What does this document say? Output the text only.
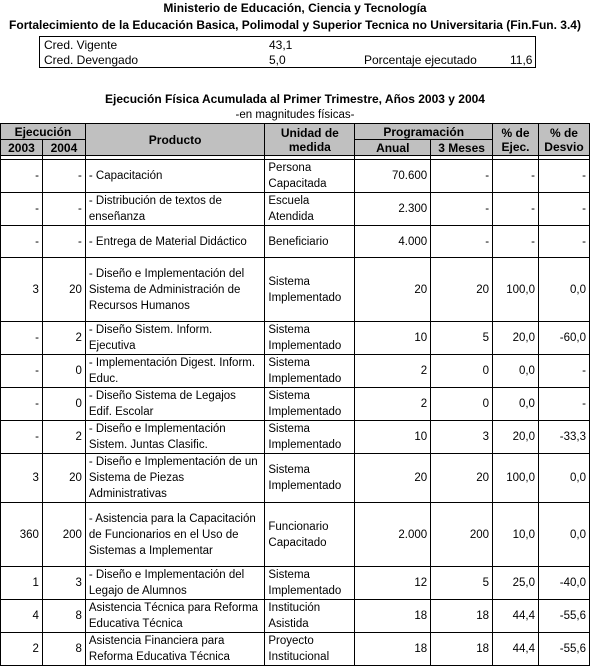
Ministerio de Educación, Ciencia y Tecnología
Fortalecimiento de la Educación Basica, Polimodal y Superior Tecnica no Universitaria (Fin.Fun. 3.4)
Cred. Vigente	43,1
Cred. Devengado	5,0	Porcentaje ejecutado	11,6
Ejecución Física Acumulada al Primer Trimestre, Años 2003 y 2004
-en magnitudes físicas-
Ejecución		Producto	Unidad de medida	Programación		% de Ejec.	% de Desvio
2003	2004			Anual	3 Meses		

-	-	- Capacitación	Persona Capacitada	70.600	-	-	-
-	-	- Distribución de textos de enseñanza	Escuela Atendida	2.300	-	-	-
-	-	- Entrega de Material Didáctico	Beneficiario	4.000	-	-	-
3	20	- Diseño e Implementación del Sistema de Administración de Recursos Humanos	Sistema Implementado	20	20	100,0	0,0
-	2	- Diseño Sistem. Inform. Ejecutiva	Sistema Implementado	10	5	20,0	-60,0
-	0	- Implementación Digest. Inform. Educ.	Sistema Implementado	2	0	0,0	-
-	0	- Diseño Sistema de Legajos Edif. Escolar	Sistema Implementado	2	0	0,0	-
-	2	- Diseño e Implementación Sistem. Juntas Clasific.	Sistema Implementado	10	3	20,0	-33,3
3	20	- Diseño e Implementación de un Sistema de Piezas Administrativas	Sistema Implementado	20	20	100,0	0,0
360	200	- Asistencia para la Capacitación de Funcionarios en el Uso de Sistemas a Implementar	Funcionario Capacitado	2.000	200	10,0	0,0
1	3	- Diseño e Implementación del Legajo de Alumnos	Sistema Implementado	12	5	25,0	-40,0
4	8	Asistencia Técnica para Reforma Educativa Técnica	Institución Asistida	18	18	44,4	-55,6
2	8	Asistencia Financiera para Reforma Educativa Técnica	Proyecto Institucional	18	18	44,4	-55,6
